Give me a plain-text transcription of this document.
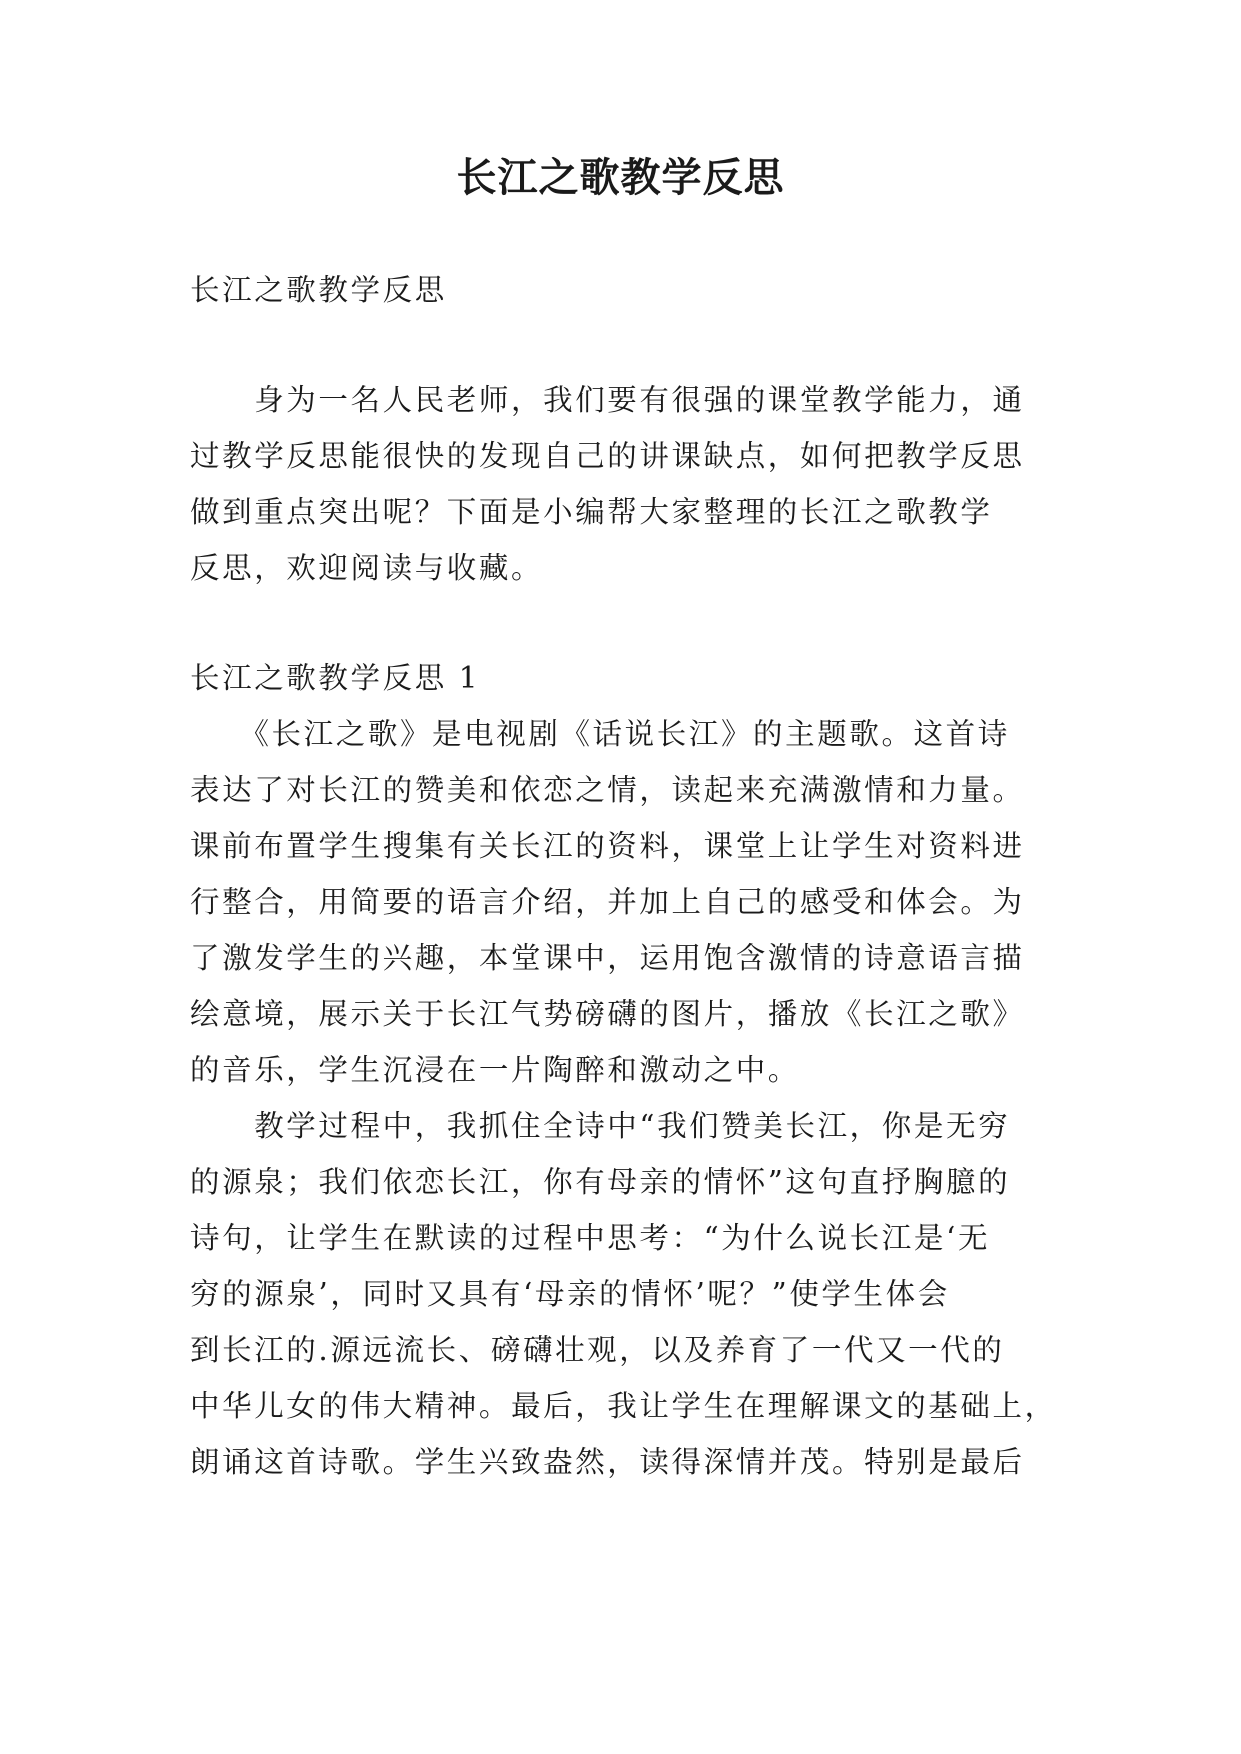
长江之歌教学反思
长江之歌教学反思
　　身为一名人民老师，我们要有很强的课堂教学能力，通
过教学反思能很快的发现自己的讲课缺点，如何把教学反思
做到重点突出呢？下面是小编帮大家整理的长江之歌教学
反思，欢迎阅读与收藏。
长江之歌教学反思 1
　　《长江之歌》是电视剧《话说长江》的主题歌。这首诗
表达了对长江的赞美和依恋之情，读起来充满激情和力量。
课前布置学生搜集有关长江的资料，课堂上让学生对资料进
行整合，用简要的语言介绍，并加上自己的感受和体会。为
了激发学生的兴趣，本堂课中，运用饱含激情的诗意语言描
绘意境，展示关于长江气势磅礴的图片，播放《长江之歌》
的音乐，学生沉浸在一片陶醉和激动之中。
　　教学过程中，我抓住全诗中“我们赞美长江，你是无穷
的源泉；我们依恋长江，你有母亲的情怀”这句直抒胸臆的
诗句，让学生在默读的过程中思考：“为什么说长江是‘无
穷的源泉’，同时又具有‘母亲的情怀’呢？”使学生体会
到长江的.源远流长、磅礴壮观，以及养育了一代又一代的
中华儿女的伟大精神。最后，我让学生在理解课文的基础上，
朗诵这首诗歌。学生兴致盎然，读得深情并茂。特别是最后
